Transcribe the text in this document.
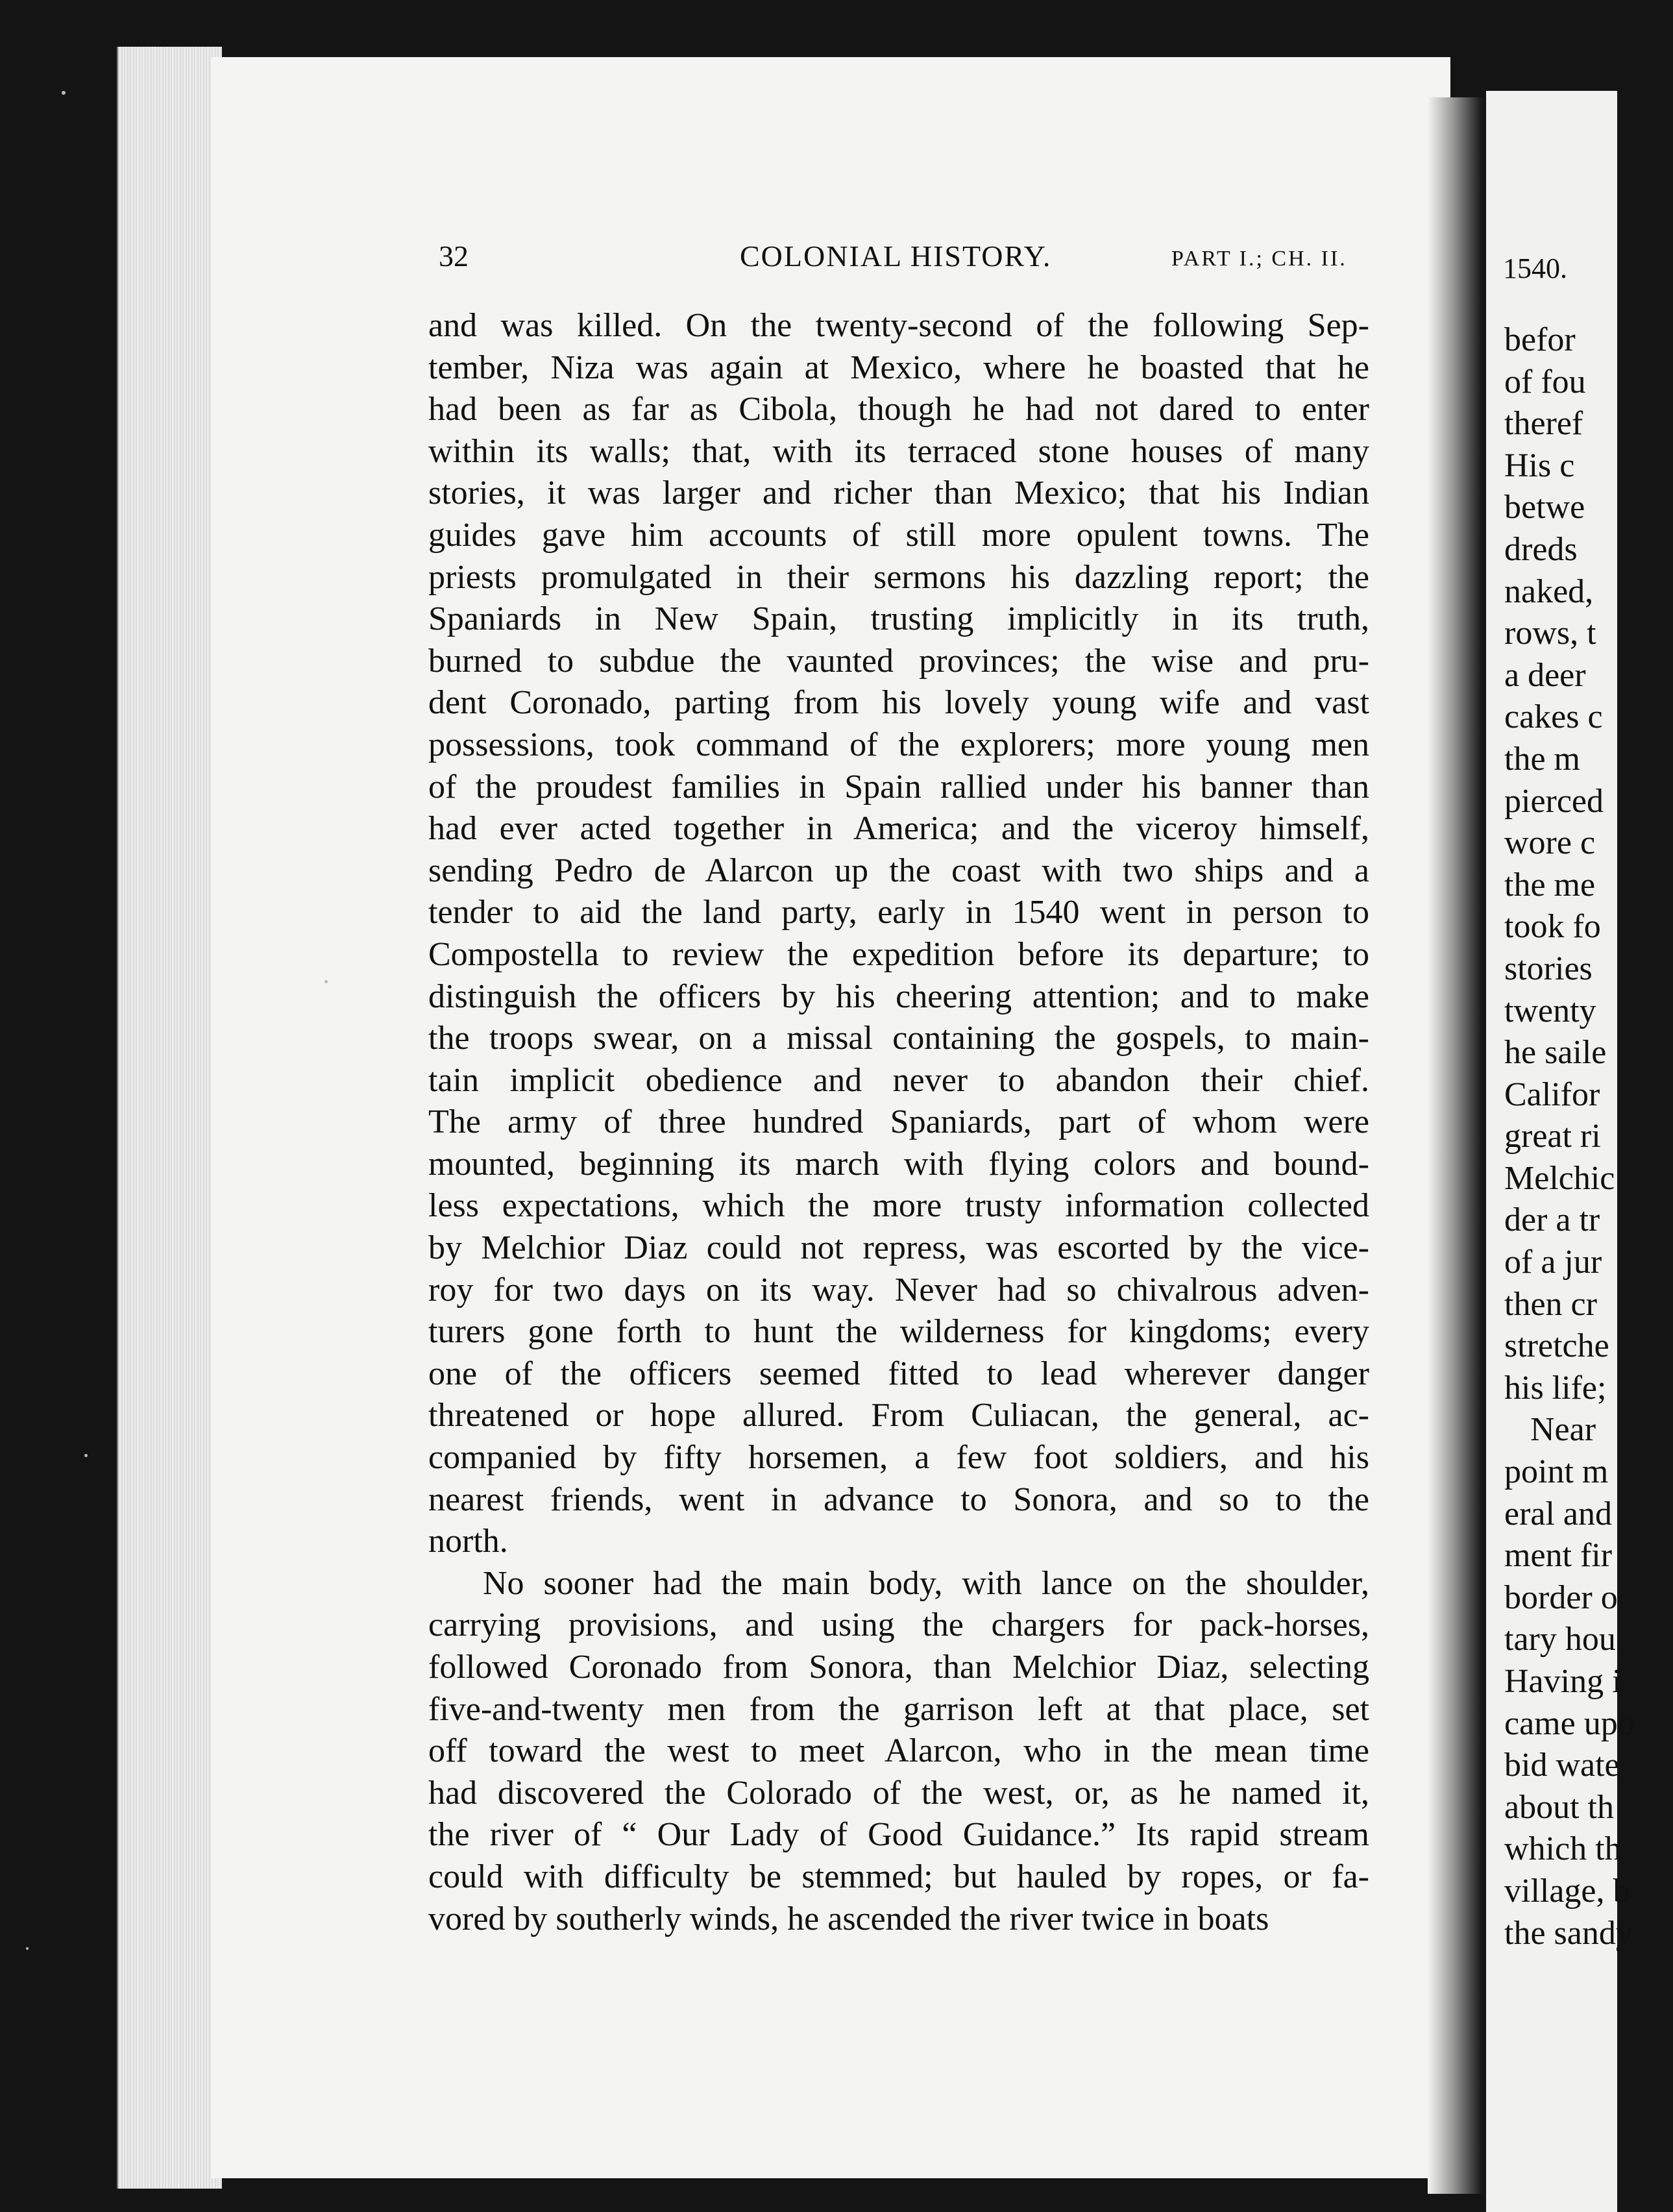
1540.
befor
of fou
theref
His c
betwe
dreds
naked,
rows, t
a deer
cakes c
the m
pierced
wore c
the me
took fo
stories
twenty
he saile
Califor
great ri
Melchic
der a tr
of a jur
then cr
stretche
his life;
Near
point m
eral and
ment fir
border o
tary hou
Having i
came upo
bid wate
about th
which th
village, b
the sandy
32	COLONIAL HISTORY.	PART I.; CH. II.
and was killed. On the twenty-second of the following Sep-
tember, Niza was again at Mexico, where he boasted that he
had been as far as Cibola, though he had not dared to enter
within its walls; that, with its terraced stone houses of many
stories, it was larger and richer than Mexico; that his Indian
guides gave him accounts of still more opulent towns. The
priests promulgated in their sermons his dazzling report; the
Spaniards in New Spain, trusting implicitly in its truth,
burned to subdue the vaunted provinces; the wise and pru-
dent Coronado, parting from his lovely young wife and vast
possessions, took command of the explorers; more young men
of the proudest families in Spain rallied under his banner than
had ever acted together in America; and the viceroy himself,
sending Pedro de Alarcon up the coast with two ships and a
tender to aid the land party, early in 1540 went in person to
Compostella to review the expedition before its departure; to
distinguish the officers by his cheering attention; and to make
the troops swear, on a missal containing the gospels, to main-
tain implicit obedience and never to abandon their chief.
The army of three hundred Spaniards, part of whom were
mounted, beginning its march with flying colors and bound-
less expectations, which the more trusty information collected
by Melchior Diaz could not repress, was escorted by the vice-
roy for two days on its way. Never had so chivalrous adven-
turers gone forth to hunt the wilderness for kingdoms; every
one of the officers seemed fitted to lead wherever danger
threatened or hope allured. From Culiacan, the general, ac-
companied by fifty horsemen, a few foot soldiers, and his
nearest friends, went in advance to Sonora, and so to the
north.
No sooner had the main body, with lance on the shoulder,
carrying provisions, and using the chargers for pack-horses,
followed Coronado from Sonora, than Melchior Diaz, selecting
five-and-twenty men from the garrison left at that place, set
off toward the west to meet Alarcon, who in the mean time
had discovered the Colorado of the west, or, as he named it,
the river of “ Our Lady of Good Guidance.” Its rapid stream
could with difficulty be stemmed; but hauled by ropes, or fa-
vored by southerly winds, he ascended the river twice in boats
